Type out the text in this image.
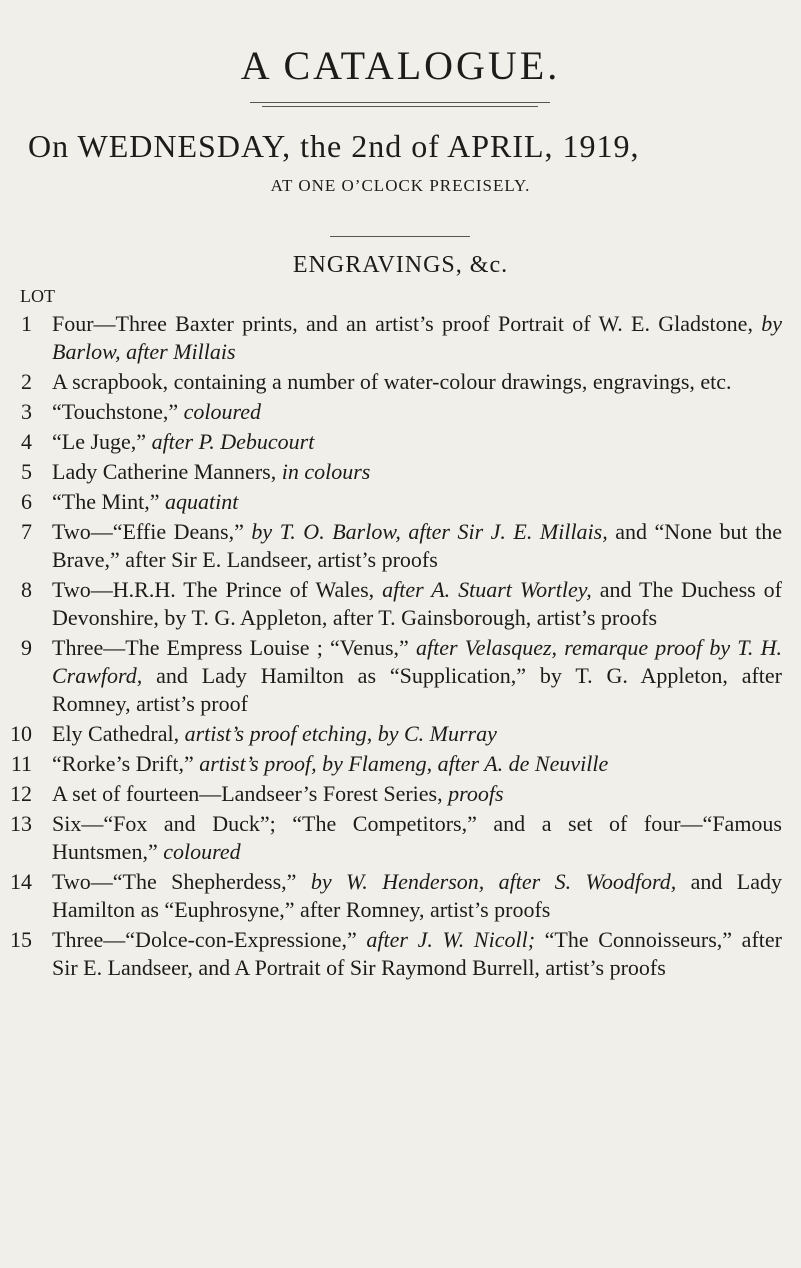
A CATALOGUE.
On WEDNESDAY, the 2nd of APRIL, 1919,
AT ONE O’CLOCK PRECISELY.
ENGRAVINGS, &c.
LOT
1 Four—Three Baxter prints, and an artist’s proof Portrait of W. E. Gladstone, by Barlow, after Millais
2 A scrapbook, containing a number of water-colour drawings, engravings, etc.
3 “Touchstone,” coloured
4 “Le Juge,” after P. Debucourt
5 Lady Catherine Manners, in colours
6 “The Mint,” aquatint
7 Two—“Effie Deans,” by T. O. Barlow, after Sir J. E. Millais, and “None but the Brave,” after Sir E. Landseer, artist’s proofs
8 Two—H.R.H. The Prince of Wales, after A. Stuart Wortley, and The Duchess of Devonshire, by T. G. Appleton, after T. Gainsborough, artist’s proofs
9 Three—The Empress Louise ; “Venus,” after Velasquez, remarque proof by T. H. Crawford, and Lady Hamilton as “Supplication,” by T. G. Appleton, after Romney, artist’s proof
10 Ely Cathedral, artist’s proof etching, by C. Murray
11 “Rorke’s Drift,” artist’s proof, by Flameng, after A. de Neuville
12 A set of fourteen—Landseer’s Forest Series, proofs
13 Six—“Fox and Duck”; “The Competitors,” and a set of four—“Famous Huntsmen,” coloured
14 Two—“The Shepherdess,” by W. Henderson, after S. Woodford, and Lady Hamilton as “Euphrosyne,” after Romney, artist’s proofs
15 Three—“Dolce-con-Expressione,” after J. W. Nicoll; “The Connoisseurs,” after Sir E. Landseer, and A Portrait of Sir Raymond Burrell, artist’s proofs
